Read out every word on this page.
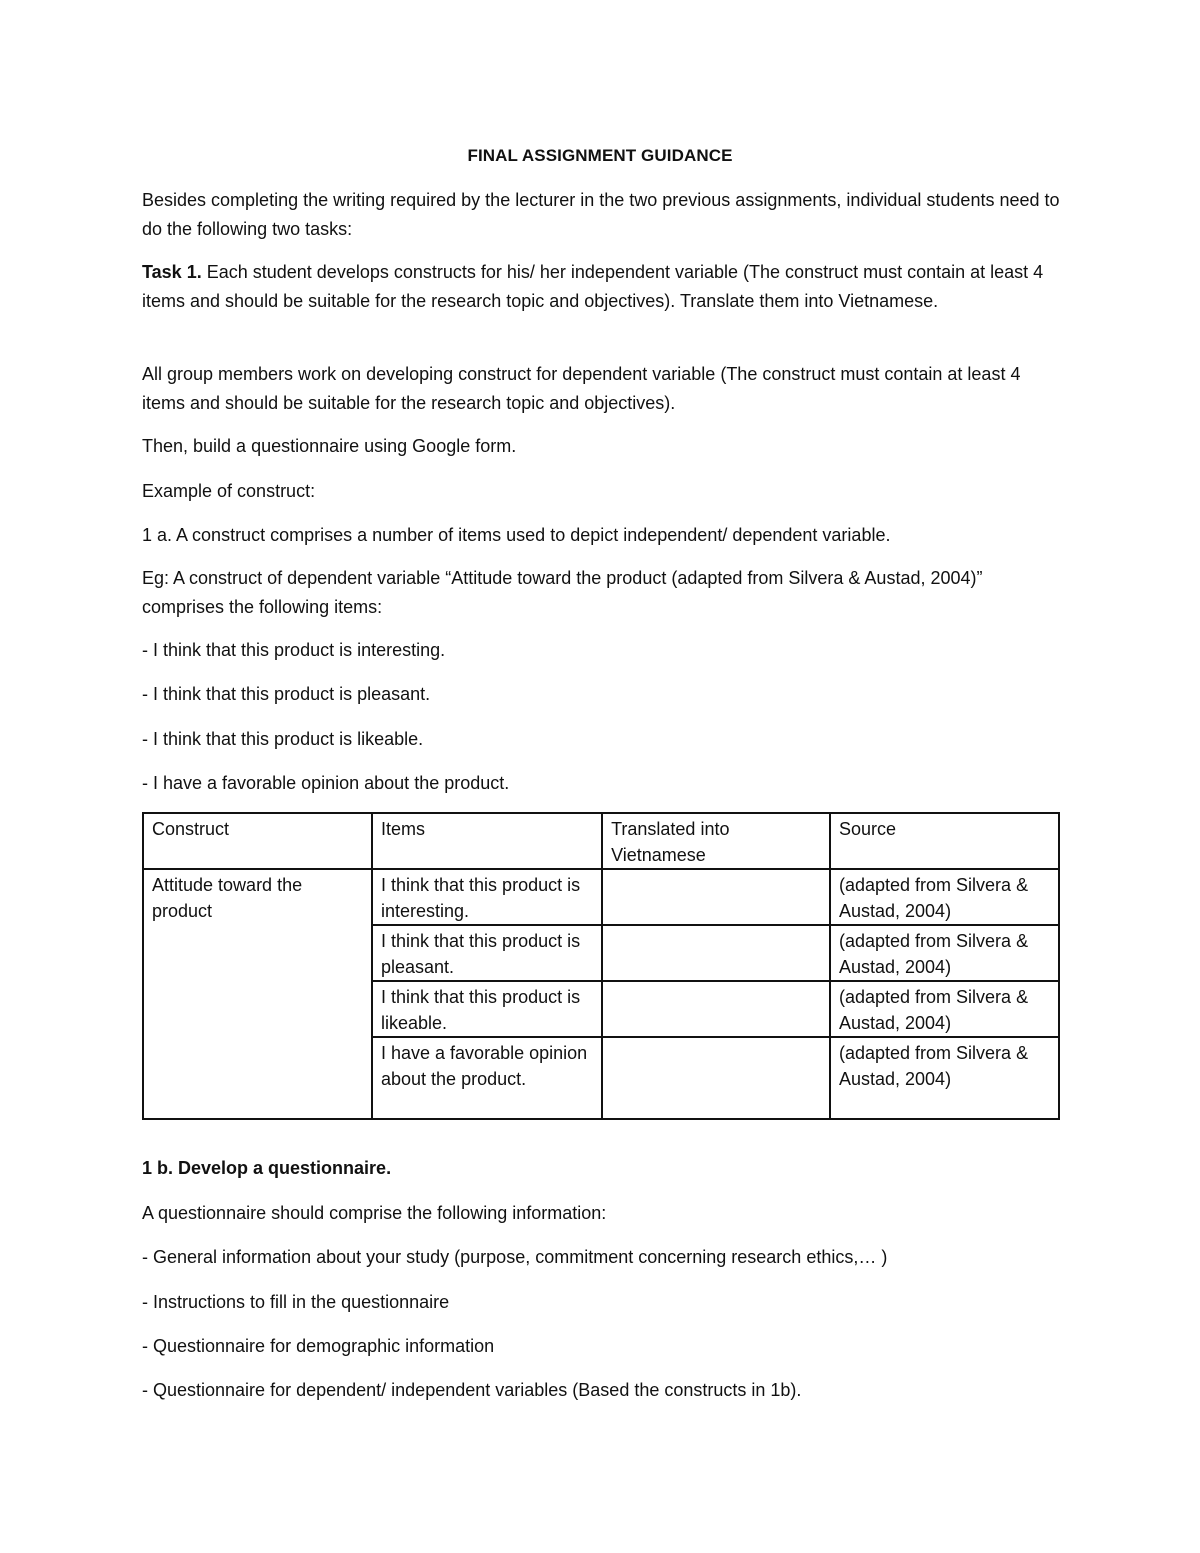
FINAL ASSIGNMENT GUIDANCE

Besides completing the writing required by the lecturer in the two previous assignments, individual students need to do the following two tasks:

Task 1. Each student develops constructs for his/ her independent variable (The construct must contain at least 4 items and should be suitable for the research topic and objectives). Translate them into Vietnamese.

All group members work on developing construct for dependent variable (The construct must contain at least 4 items and should be suitable for the research topic and objectives).

Then, build a questionnaire using Google form.

Example of construct:

1 a. A construct comprises a number of items used to depict independent/ dependent variable.

Eg: A construct of dependent variable “Attitude toward the product (adapted from Silvera & Austad, 2004)” comprises the following items:

- I think that this product is interesting.

- I think that this product is pleasant.

- I think that this product is likeable.

- I have a favorable opinion about the product.

Construct	Items	Translated into Vietnamese	Source
Attitude toward the product	I think that this product is interesting.		(adapted from Silvera & Austad, 2004)
	I think that this product is pleasant.		(adapted from Silvera & Austad, 2004)
	I think that this product is likeable.		(adapted from Silvera & Austad, 2004)
	I have a favorable opinion about the product.		(adapted from Silvera & Austad, 2004)

1 b. Develop a questionnaire.

A questionnaire should comprise the following information:

- General information about your study (purpose, commitment concerning research ethics,… )

- Instructions to fill in the questionnaire

- Questionnaire for demographic information

- Questionnaire for dependent/ independent variables (Based the constructs in 1b).
